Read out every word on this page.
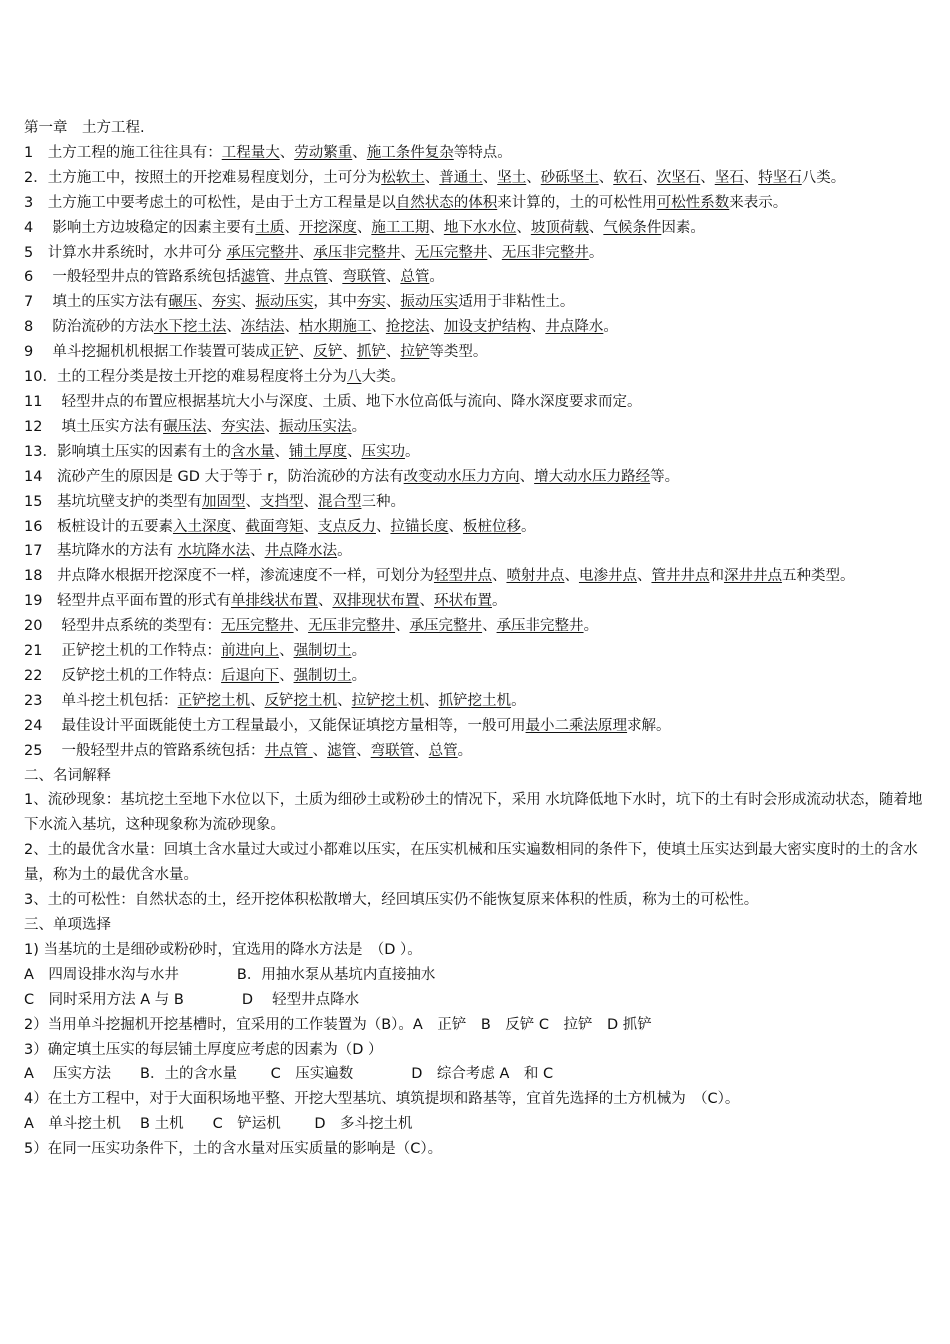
第一章　土方工程.
1　土方工程的施工往往具有：工程量大、劳动繁重、施工条件复杂等特点。
2．土方施工中，按照土的开挖难易程度划分，土可分为松软土、普通土、坚土、砂砾坚土、软石、次坚石、坚石、特坚石八类。
3　土方施工中要考虑土的可松性，是由于土方工程量是以自然状态的体积来计算的，土的可松性用可松性系数来表示。
4　 影响土方边坡稳定的因素主要有土质、开挖深度、施工工期、地下水水位、坡顶荷载、气候条件因素。
5　计算水井系统时，水井可分 承压完整井、承压非完整井、无压完整井、无压非完整井。
6　 一般轻型井点的管路系统包括滤管、井点管、弯联管、总管。
7　 填土的压实方法有碾压、夯实、振动压实，其中夯实、振动压实适用于非粘性土。
8　 防治流砂的方法水下挖土法、冻结法、枯水期施工、抢挖法、加设支护结构、井点降水。
9　 单斗挖掘机机根据工作装置可装成正铲、反铲、抓铲、拉铲等类型。
10．土的工程分类是按土开挖的难易程度将土分为八大类。
11　 轻型井点的布置应根据基坑大小与深度、土质、地下水位高低与流向、降水深度要求而定。
12　 填土压实方法有碾压法、夯实法、振动压实法。
13．影响填土压实的因素有土的含水量、铺土厚度、压实功。
14　流砂产生的原因是 GD 大于等于 r，防治流砂的方法有改变动水压力方向、增大动水压力路经等。
15　基坑坑壁支护的类型有加固型、支挡型、混合型三种。
16　板桩设计的五要素入土深度、截面弯矩、支点反力、拉锚长度、板桩位移。
17　基坑降水的方法有 水坑降水法、井点降水法。
18　井点降水根据开挖深度不一样，渗流速度不一样，可划分为轻型井点、喷射井点、电渗井点、管井井点和深井井点五种类型。
19　轻型井点平面布置的形式有单排线状布置、双排现状布置、环状布置。
20　 轻型井点系统的类型有：无压完整井、无压非完整井、承压完整井、承压非完整井。
21　 正铲挖土机的工作特点：前进向上、强制切土。
22　 反铲挖土机的工作特点：后退向下、强制切土。
23　 单斗挖土机包括：正铲挖土机、反铲挖土机、拉铲挖土机、抓铲挖土机。
24　 最佳设计平面既能使土方工程量最小，又能保证填挖方量相等，一般可用最小二乘法原理求解。
25　 一般轻型井点的管路系统包括：井点管 、滤管、弯联管、总管。
二、名词解释
1、流砂现象：基坑挖土至地下水位以下，土质为细砂土或粉砂土的情况下，采用 水坑降低地下水时，坑下的土有时会形成流动状态，随着地下水流入基坑，这种现象称为流砂现象。
2、土的最优含水量：回填土含水量过大或过小都难以压实，在压实机械和压实遍数相同的条件下，使填土压实达到最大密实度时的土的含水量，称为土的最优含水量。
3、土的可松性：自然状态的土，经开挖体积松散增大，经回填压实仍不能恢复原来体积的性质，称为土的可松性。
三、单项选择
1) 当基坑的土是细砂或粉砂时，宜选用的降水方法是　（D ）。
A　四周设排水沟与水井　　　　B．用抽水泵从基坑内直接抽水
C　同时采用方法 A 与 B　　　　D　 轻型井点降水
2）当用单斗挖掘机开挖基槽时，宜采用的工作装置为（B）。A　正铲　B　反铲 C　拉铲　D 抓铲
3）确定填土压实的每层铺土厚度应考虑的因素为（D ）
A　 压实方法　　B．土的含水量　　 C　压实遍数　　　　D　综合考虑 A　和 C
4）在土方工程中，对于大面积场地平整、开挖大型基坑、填筑提坝和路基等，宜首先选择的土方机械为　（C）。
A　单斗挖土机　 B 土机　　C　铲运机　　 D　多斗挖土机
5）在同一压实功条件下，土的含水量对压实质量的影响是（C）。
